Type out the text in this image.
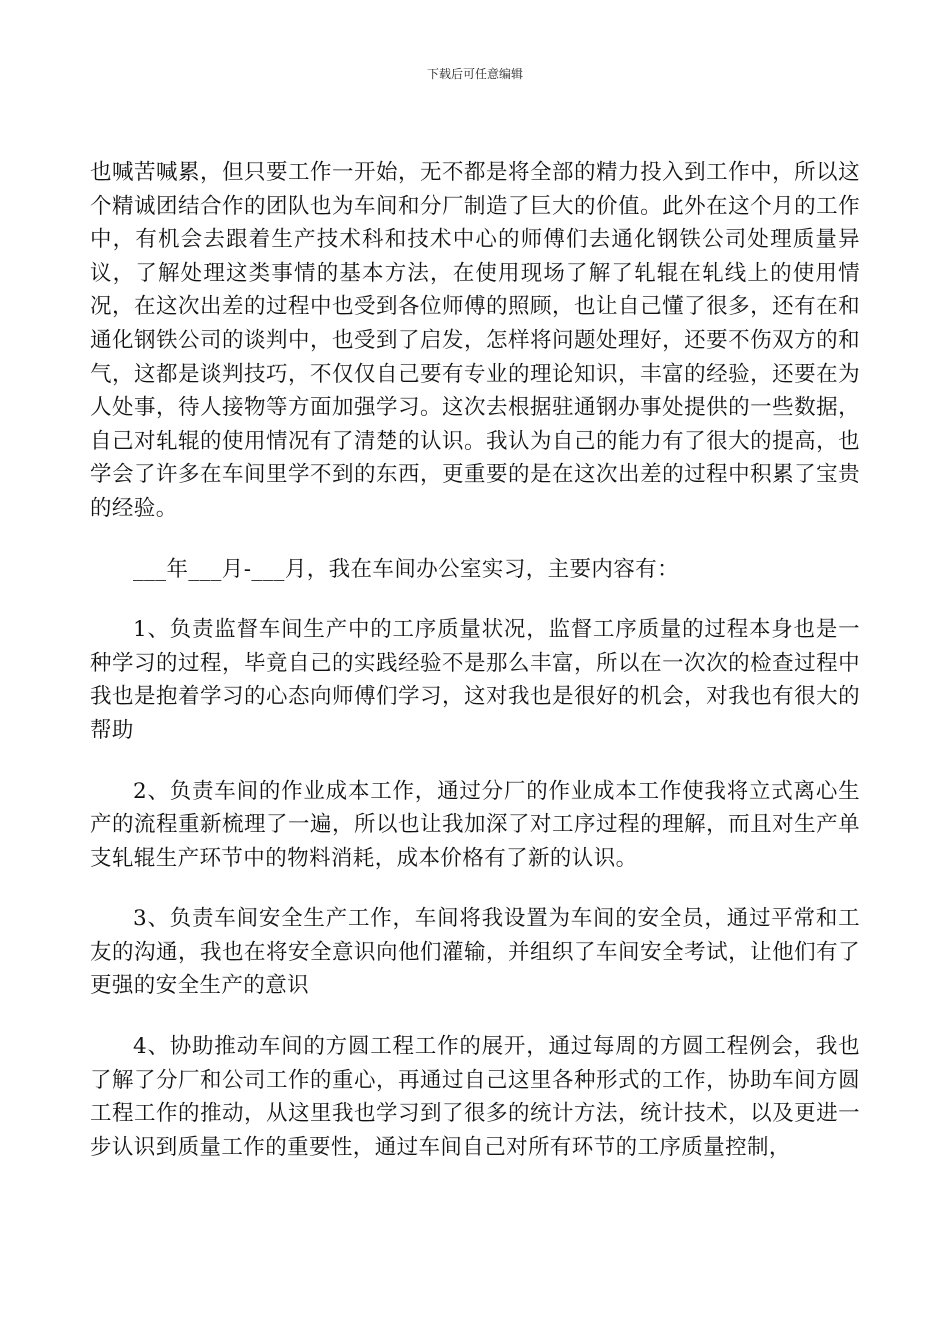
下载后可任意编辑

也喊苦喊累，但只要工作一开始，无不都是将全部的精力投入到工作中，所以这个精诚团结合作的团队也为车间和分厂制造了巨大的价值。此外在这个月的工作中，有机会去跟着生产技术科和技术中心的师傅们去通化钢铁公司处理质量异议，了解处理这类事情的基本方法，在使用现场了解了轧辊在轧线上的使用情况，在这次出差的过程中也受到各位师傅的照顾，也让自己懂了很多，还有在和通化钢铁公司的谈判中，也受到了启发，怎样将问题处理好，还要不伤双方的和气，这都是谈判技巧，不仅仅自己要有专业的理论知识，丰富的经验，还要在为人处事，待人接物等方面加强学习。这次去根据驻通钢办事处提供的一些数据，自己对轧辊的使用情况有了清楚的认识。我认为自己的能力有了很大的提高，也学会了许多在车间里学不到的东西，更重要的是在这次出差的过程中积累了宝贵的经验。

___年___月-___月，我在车间办公室实习，主要内容有：

1、负责监督车间生产中的工序质量状况，监督工序质量的过程本身也是一种学习的过程，毕竟自己的实践经验不是那么丰富，所以在一次次的检查过程中我也是抱着学习的心态向师傅们学习，这对我也是很好的机会，对我也有很大的帮助

2、负责车间的作业成本工作，通过分厂的作业成本工作使我将立式离心生产的流程重新梳理了一遍，所以也让我加深了对工序过程的理解，而且对生产单支轧辊生产环节中的物料消耗，成本价格有了新的认识。

3、负责车间安全生产工作，车间将我设置为车间的安全员，通过平常和工友的沟通，我也在将安全意识向他们灌输，并组织了车间安全考试，让他们有了更强的安全生产的意识

4、协助推动车间的方圆工程工作的展开，通过每周的方圆工程例会，我也了解了分厂和公司工作的重心，再通过自己这里各种形式的工作，协助车间方圆工程工作的推动，从这里我也学习到了很多的统计方法，统计技术，以及更进一步认识到质量工作的重要性，通过车间自己对所有环节的工序质量控制，
